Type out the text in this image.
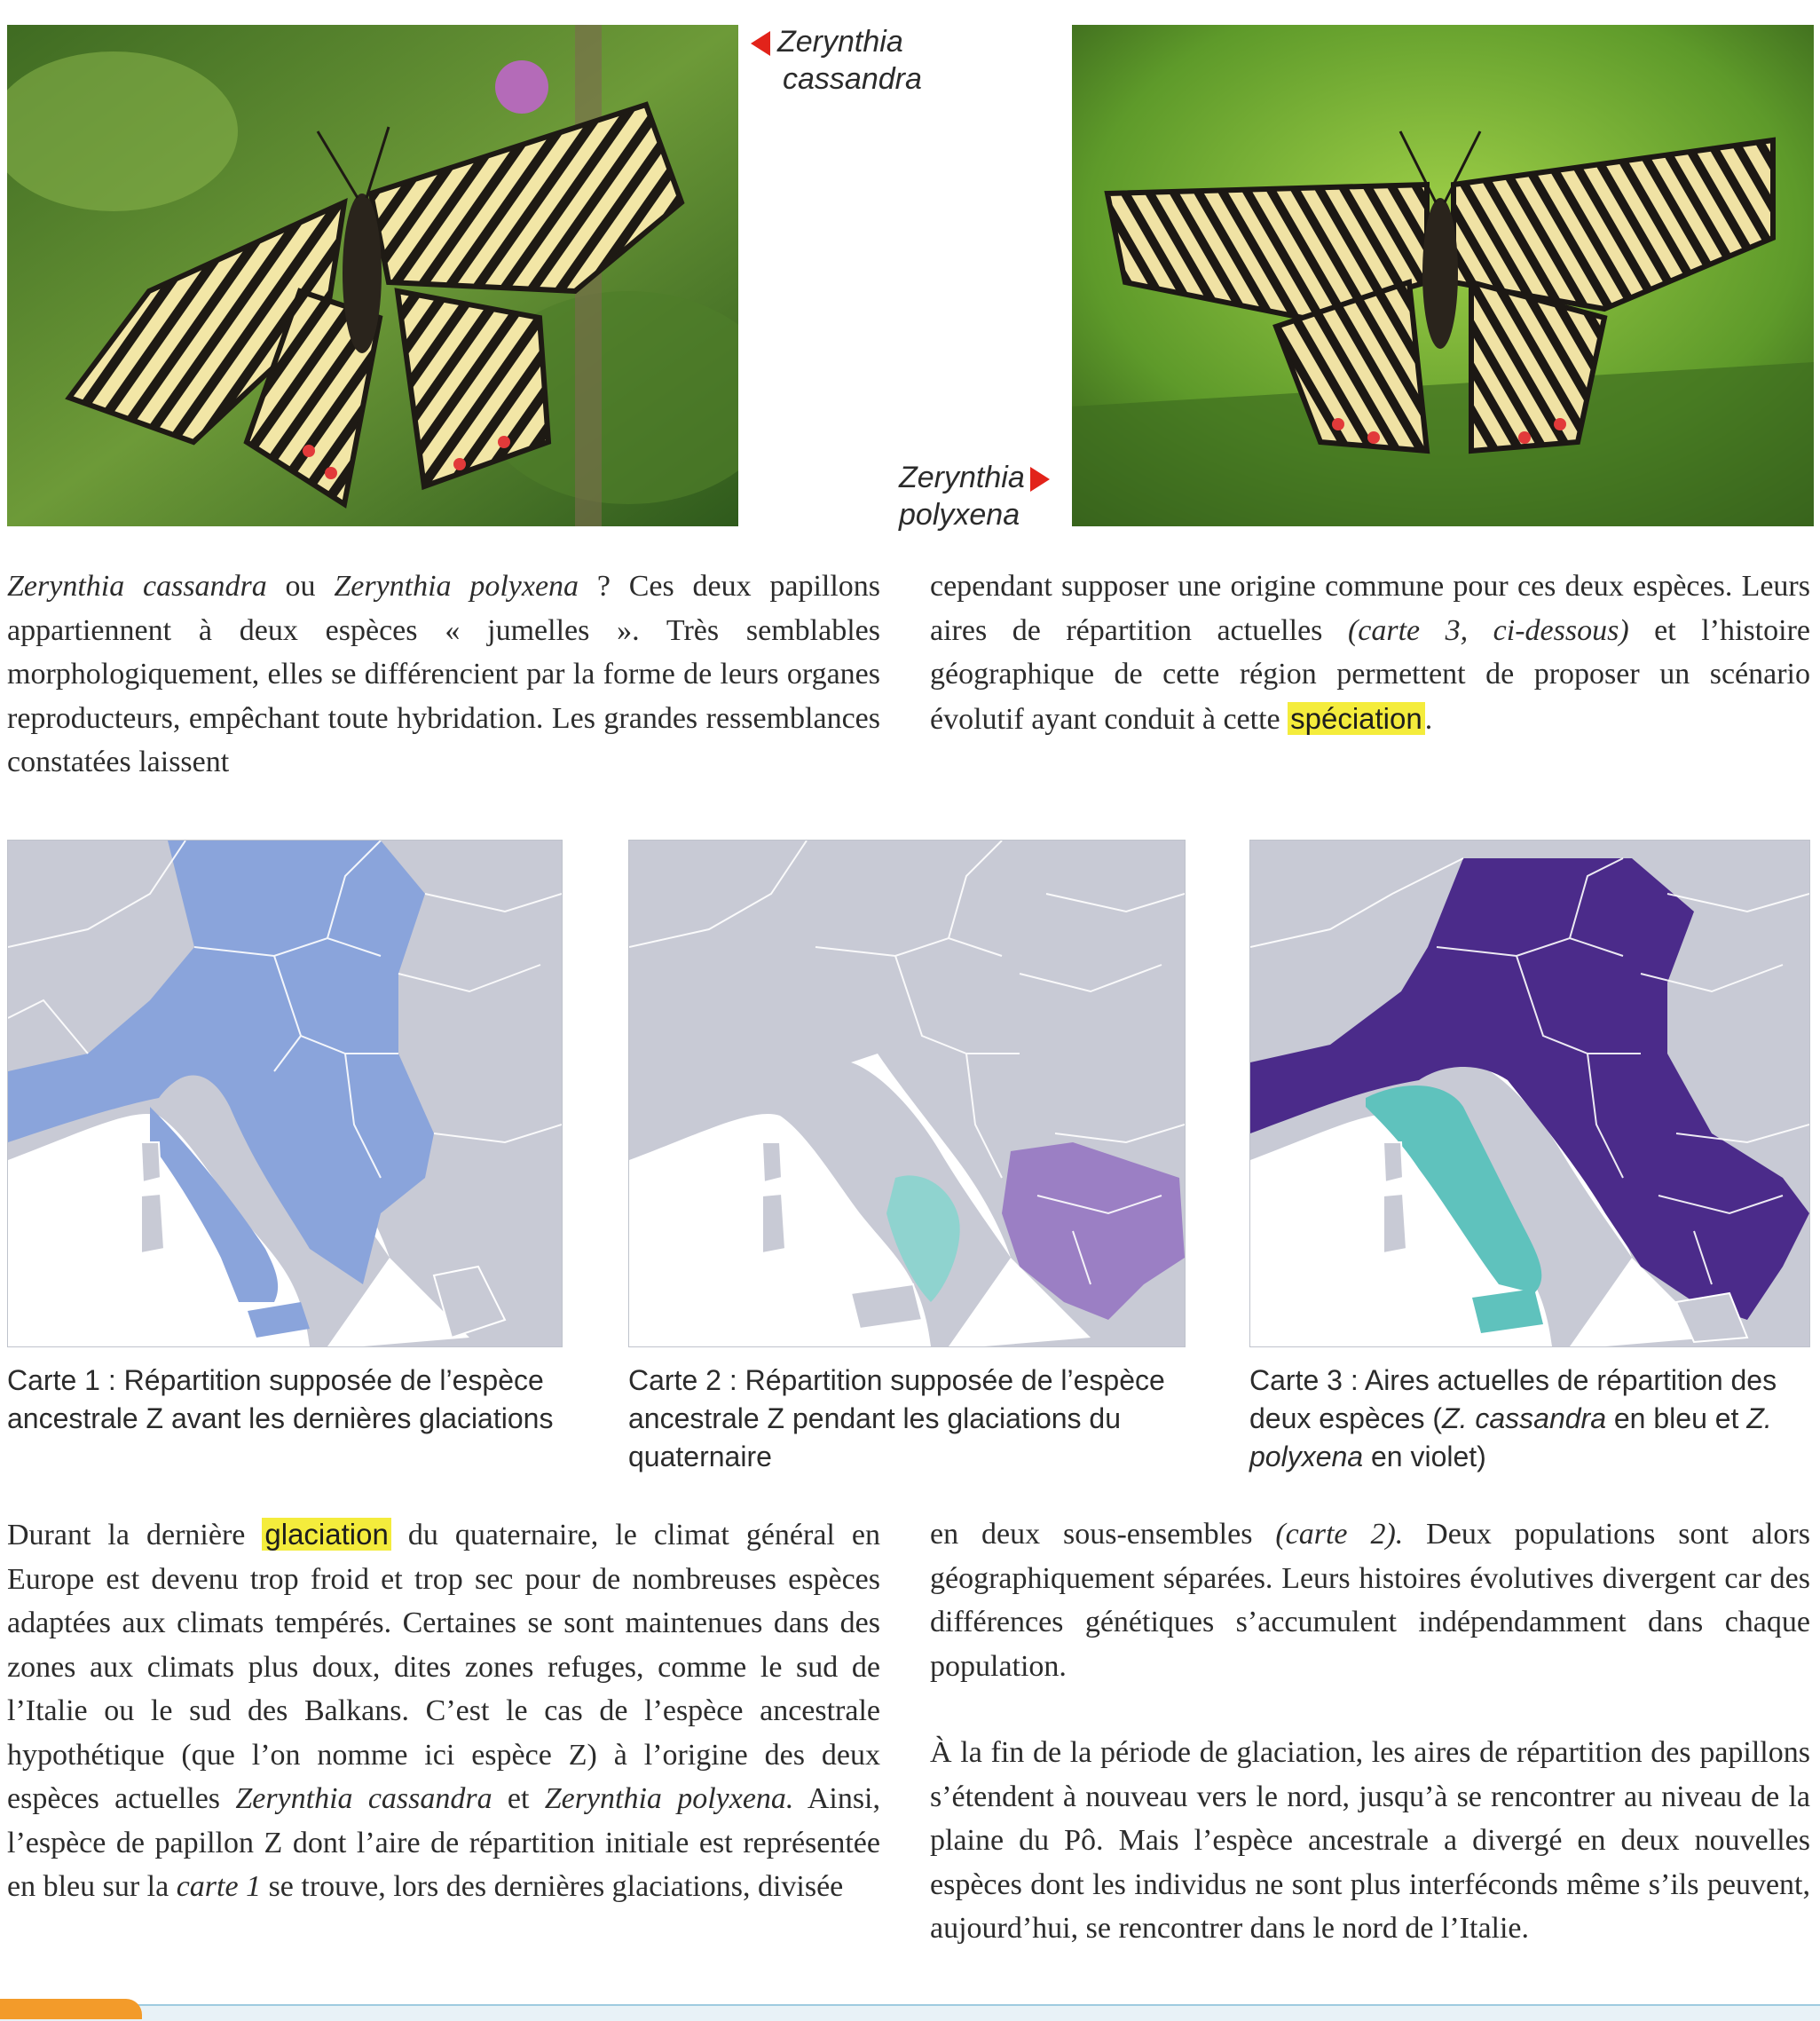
Zerynthia
cassandra
Zerynthia
polyxena

Zerynthia cassandra ou Zerynthia polyxena ? Ces deux papillons appartiennent à deux espèces « jumelles ». Très semblables morphologiquement, elles se différencient par la forme de leurs organes reproducteurs, empêchant toute hybridation. Les grandes ressemblances constatées laissent

cependant supposer une origine commune pour ces deux espèces. Leurs aires de répartition actuelles (carte 3, ci-dessous) et l’histoire géographique de cette région permettent de proposer un scénario évolutif ayant conduit à cette spéciation.

Carte 1 : Répartition supposée de l’espèce ancestrale Z avant les dernières glaciations
Carte 2 : Répartition supposée de l’espèce ancestrale Z pendant les glaciations du quaternaire
Carte 3 : Aires actuelles de répartition des deux espèces (Z. cassandra en bleu et Z. polyxena en violet)

Durant la dernière glaciation du quaternaire, le climat général en Europe est devenu trop froid et trop sec pour de nombreuses espèces adaptées aux climats tempérés. Certaines se sont maintenues dans des zones aux climats plus doux, dites zones refuges, comme le sud de l’Italie ou le sud des Balkans. C’est le cas de l’espèce ancestrale hypothétique (que l’on nomme ici espèce Z) à l’origine des deux espèces actuelles Zerynthia cassandra et Zerynthia polyxena. Ainsi, l’espèce de papillon Z dont l’aire de répartition initiale est représentée en bleu sur la carte 1 se trouve, lors des dernières glaciations, divisée

en deux sous-ensembles (carte 2). Deux populations sont alors géographiquement séparées. Leurs histoires évolutives divergent car des différences génétiques s’accumulent indépendamment dans chaque population.

À la fin de la période de glaciation, les aires de répartition des papillons s’étendent à nouveau vers le nord, jusqu’à se rencontrer au niveau de la plaine du Pô. Mais l’espèce ancestrale a divergé en deux nouvelles espèces dont les individus ne sont plus interféconds même s’ils peuvent, aujourd’hui, se rencontrer dans le nord de l’Italie.
